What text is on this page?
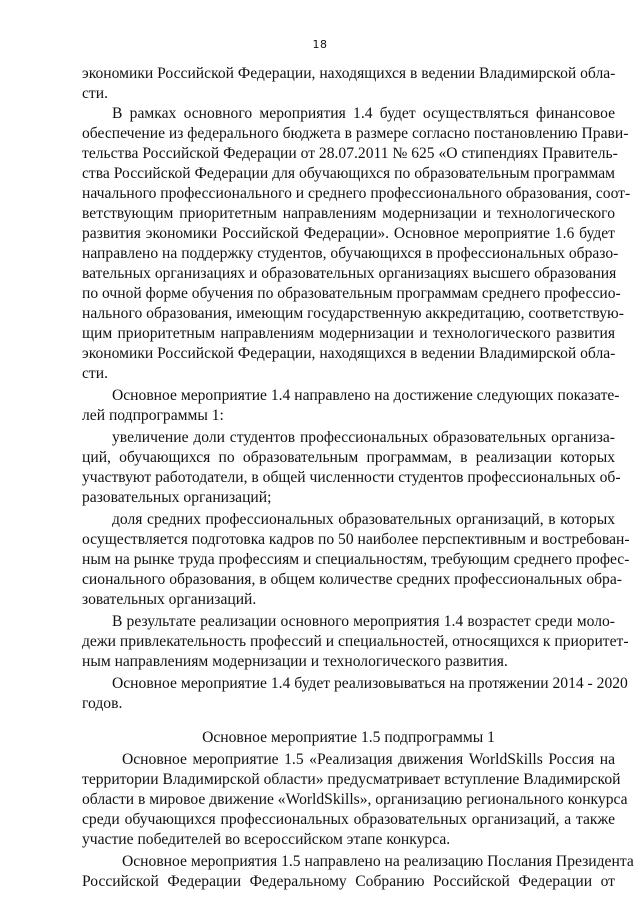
18
экономики Российской Федерации, находящихся в ведении Владимирской обла-
сти.
В рамках основного мероприятия 1.4 будет осуществляться финансовое
обеспечение из федерального бюджета в размере согласно постановлению Прави-
тельства Российской Федерации от 28.07.2011 № 625 «О стипендиях Правитель-
ства Российской Федерации для обучающихся по образовательным программам
начального профессионального и среднего профессионального образования, соот-
ветствующим приоритетным направлениям модернизации и технологического
развития экономики Российской Федерации». Основное мероприятие 1.6 будет
направлено на поддержку студентов, обучающихся в профессиональных образо-
вательных организациях и образовательных организациях высшего образования
по очной форме обучения по образовательным программам среднего профессио-
нального образования, имеющим государственную аккредитацию, соответствую-
щим приоритетным направлениям модернизации и технологического развития
экономики Российской Федерации, находящихся в ведении Владимирской обла-
сти.
Основное мероприятие 1.4 направлено на достижение следующих показате-
лей подпрограммы 1:
увеличение доли студентов профессиональных образовательных организа-
ций, обучающихся по образовательным программам, в реализации которых
участвуют работодатели, в общей численности студентов профессиональных об-
разовательных организаций;
доля средних профессиональных образовательных организаций, в которых
осуществляется подготовка кадров по 50 наиболее перспективным и востребован-
ным на рынке труда профессиям и специальностям, требующим среднего профес-
сионального образования, в общем количестве средних профессиональных обра-
зовательных организаций.
В результате реализации основного мероприятия 1.4 возрастет среди моло-
дежи привлекательность профессий и специальностей, относящихся к приоритет-
ным направлениям модернизации и технологического развития.
Основное мероприятие 1.4 будет реализовываться на протяжении 2014 - 2020
годов.
Основное мероприятие 1.5 подпрограммы 1
Основное мероприятие 1.5 «Реализация движения WorldSkills Россия на
территории Владимирской области» предусматривает вступление Владимирской
области в мировое движение «WorldSkills», организацию регионального конкурса
среди обучающихся профессиональных образовательных организаций, а также
участие победителей во всероссийском этапе конкурса.
Основное мероприятия 1.5 направлено на реализацию Послания Президента
Российской Федерации Федеральному Собранию Российской Федерации от
